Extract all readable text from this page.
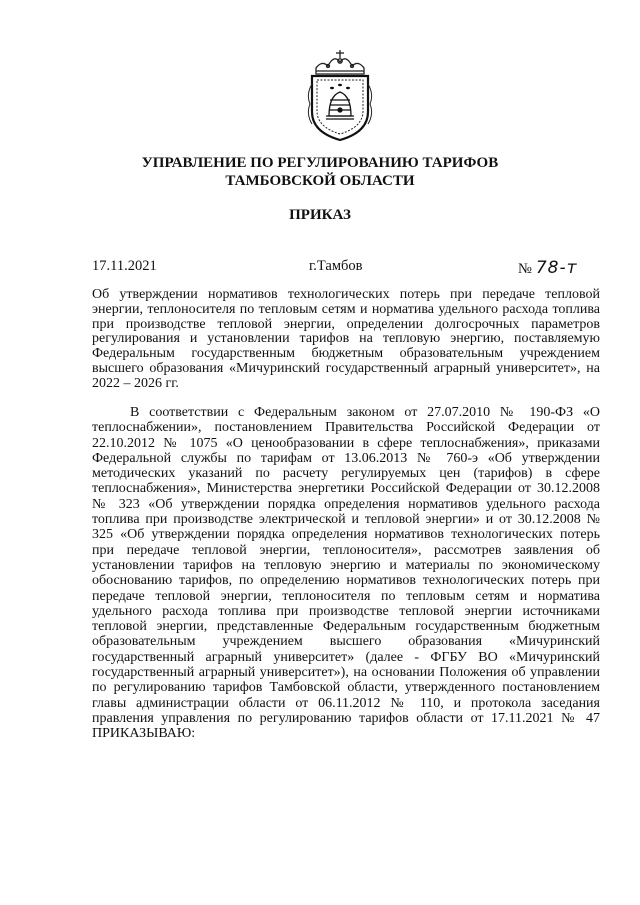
УПРАВЛЕНИЕ ПО РЕГУЛИРОВАНИЮ ТАРИФОВ
ТАМБОВСКОЙ ОБЛАСТИ
ПРИКАЗ
17.11.2021	г.Тамбов	№ 78-т
Об утверждении нормативов технологических потерь при передаче тепловой энергии, теплоносителя по тепловым сетям и норматива удельного расхода топлива при производстве тепловой энергии, определении долгосрочных параметров регулирования и установлении тарифов на тепловую энергию, поставляемую Федеральным государственным бюджетным образовательным учреждением высшего образования «Мичуринский государственный аграрный университет», на 2022 – 2026 гг.
В соответствии с Федеральным законом от 27.07.2010 № 190-ФЗ «О теплоснабжении», постановлением Правительства Российской Федерации от 22.10.2012 № 1075 «О ценообразовании в сфере теплоснабжения», приказами Федеральной службы по тарифам от 13.06.2013 № 760-э «Об утверждении методических указаний по расчету регулируемых цен (тарифов) в сфере теплоснабжения», Министерства энергетики Российской Федерации от 30.12.2008 № 323 «Об утверждении порядка определения нормативов удельного расхода топлива при производстве электрической и тепловой энергии» и от 30.12.2008 № 325 «Об утверждении порядка определения нормативов технологических потерь при передаче тепловой энергии, теплоносителя», рассмотрев заявления об установлении тарифов на тепловую энергию и материалы по экономическому обоснованию тарифов, по определению нормативов технологических потерь при передаче тепловой энергии, теплоносителя по тепловым сетям и норматива удельного расхода топлива при производстве тепловой энергии источниками тепловой энергии, представленные Федеральным государственным бюджетным образовательным учреждением высшего образования «Мичуринский государственный аграрный университет» (далее - ФГБУ ВО «Мичуринский государственный аграрный университет»), на основании Положения об управлении по регулированию тарифов Тамбовской области, утвержденного постановлением главы администрации области от 06.11.2012 № 110, и протокола заседания правления управления по регулированию тарифов области от 17.11.2021 № 47 ПРИКАЗЫВАЮ:
